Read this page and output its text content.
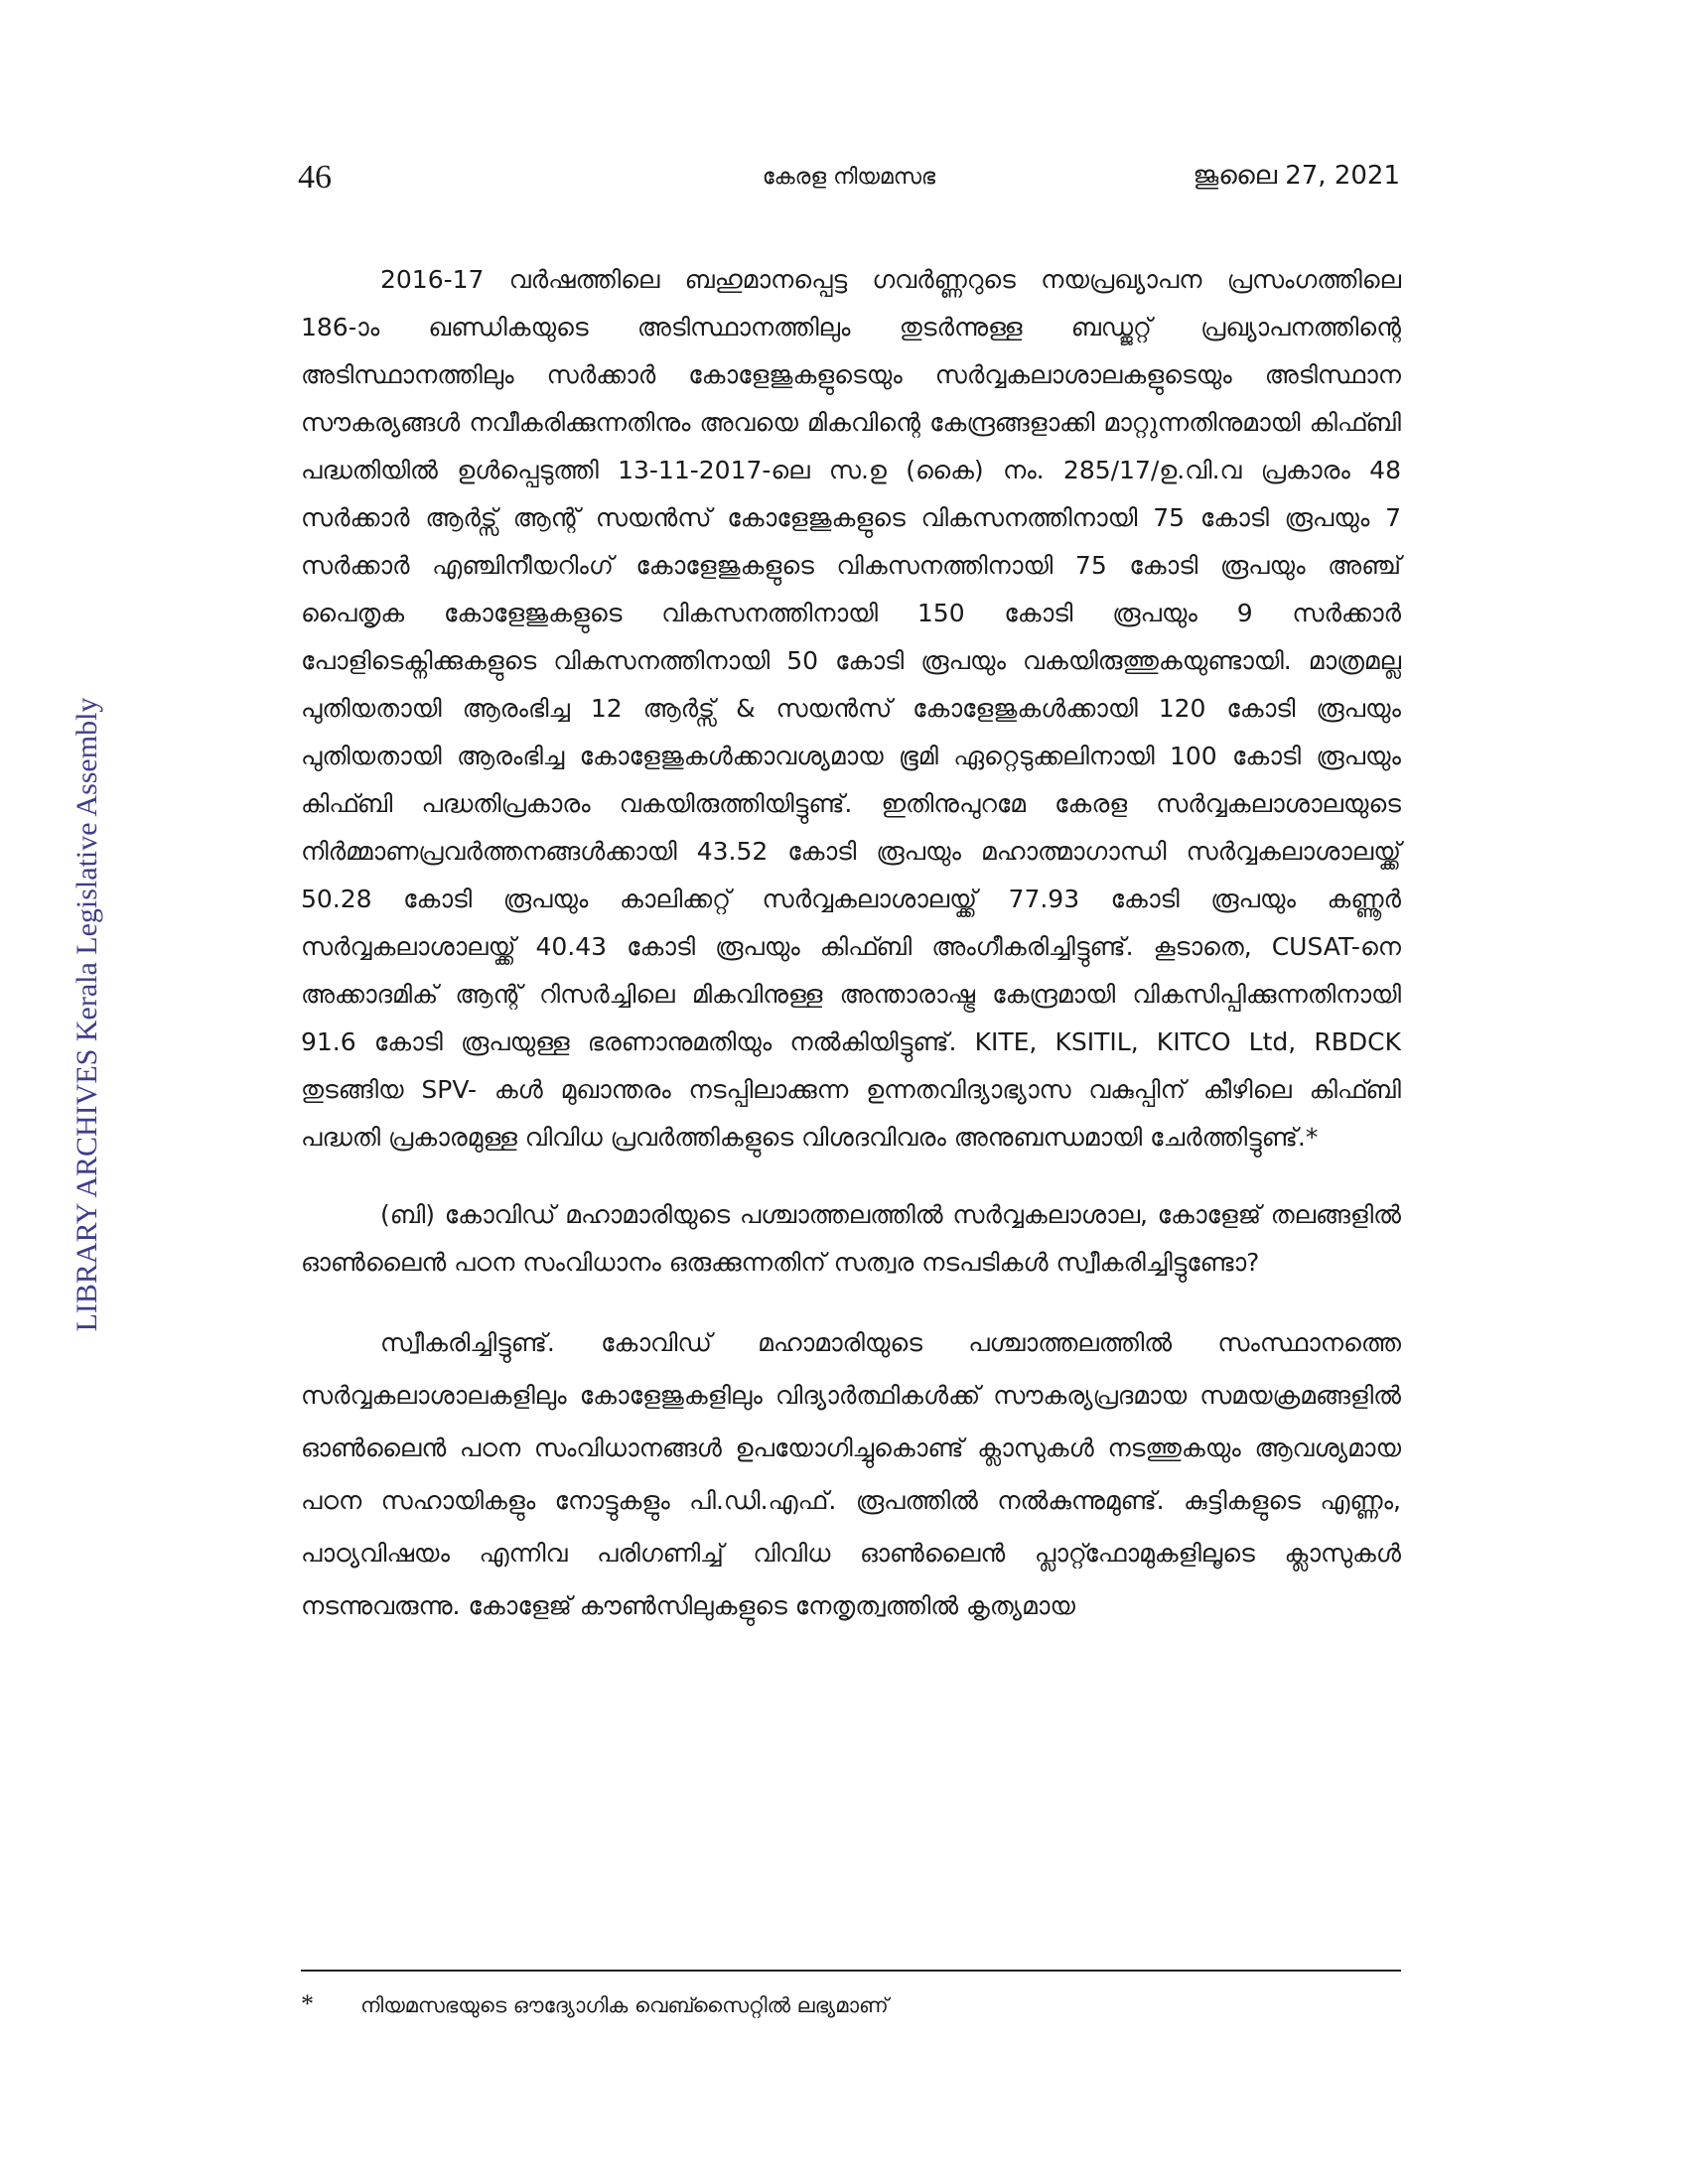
46	കേരള നിയമസഭ	ജൂലൈ 27, 2021
LIBRARY ARCHIVES Kerala Legislative Assembly

2016-17 വർഷത്തിലെ ബഹുമാനപ്പെട്ട ഗവർണ്ണറുടെ നയപ്രഖ്യാപന പ്രസംഗത്തിലെ 186-ാം ഖണ്ഡികയുടെ അടിസ്ഥാനത്തിലും തുടർന്നുള്ള ബഡ്ജറ്റ് പ്രഖ്യാപനത്തിന്റെ അടിസ്ഥാനത്തിലും സർക്കാർ കോളേജുകളുടെയും സർവ്വകലാശാലകളുടെയും അടിസ്ഥാന സൗകര്യങ്ങൾ നവീകരിക്കുന്നതിനും അവയെ മികവിന്റെ കേന്ദ്രങ്ങളാക്കി മാറ്റുന്നതിനുമായി കിഫ്ബി പദ്ധതിയിൽ ഉൾപ്പെടുത്തി 13-11-2017-ലെ സ.ഉ (കൈ) നം. 285/17/ഉ.വി.വ പ്രകാരം 48 സർക്കാർ ആർട്സ് ആന്റ് സയൻസ് കോളേജുകളുടെ വികസനത്തിനായി 75 കോടി രൂപയും 7 സർക്കാർ എഞ്ചിനീയറിംഗ് കോളേജുകളുടെ വികസനത്തിനായി 75 കോടി രൂപയും അഞ്ച് പൈതൃക കോളേജുകളുടെ വികസനത്തിനായി 150 കോടി രൂപയും 9 സർക്കാർ പോളിടെക്നിക്കുകളുടെ വികസനത്തിനായി 50 കോടി രൂപയും വകയിരുത്തുകയുണ്ടായി. മാത്രമല്ല പുതിയതായി ആരംഭിച്ച 12 ആർട്സ് & സയൻസ് കോളേജുകൾക്കായി 120 കോടി രൂപയും പുതിയതായി ആരംഭിച്ച കോളേജുകൾക്കാവശ്യമായ ഭൂമി ഏറ്റെടുക്കലിനായി 100 കോടി രൂപയും കിഫ്ബി പദ്ധതിപ്രകാരം വകയിരുത്തിയിട്ടുണ്ട്. ഇതിനുപുറമേ കേരള സർവ്വകലാശാലയുടെ നിർമ്മാണപ്രവർത്തനങ്ങൾക്കായി 43.52 കോടി രൂപയും മഹാത്മാഗാന്ധി സർവ്വകലാശാലയ്ക്ക് 50.28 കോടി രൂപയും കാലിക്കറ്റ് സർവ്വകലാശാലയ്ക്ക് 77.93 കോടി രൂപയും കണ്ണൂർ സർവ്വകലാശാലയ്ക്ക് 40.43 കോടി രൂപയും കിഫ്ബി അംഗീകരിച്ചിട്ടുണ്ട്. കൂടാതെ, CUSAT-നെ അക്കാദമിക് ആന്റ് റിസർച്ചിലെ മികവിനുള്ള അന്താരാഷ്ട്ര കേന്ദ്രമായി വികസിപ്പിക്കുന്നതിനായി 91.6 കോടി രൂപയുള്ള ഭരണാനുമതിയും നൽകിയിട്ടുണ്ട്. KITE, KSITIL, KITCO Ltd, RBDCK തുടങ്ങിയ SPV- കൾ മുഖാന്തരം നടപ്പിലാക്കുന്ന ഉന്നതവിദ്യാഭ്യാസ വകുപ്പിന് കീഴിലെ കിഫ്ബി പദ്ധതി പ്രകാരമുള്ള വിവിധ പ്രവർത്തികളുടെ വിശദവിവരം അനുബന്ധമായി ചേർത്തിട്ടുണ്ട്.*

(ബി) കോവിഡ് മഹാമാരിയുടെ പശ്ചാത്തലത്തിൽ സർവ്വകലാശാല, കോളേജ് തലങ്ങളിൽ ഓൺലൈൻ പഠന സംവിധാനം ഒരുക്കുന്നതിന് സത്വര നടപടികൾ സ്വീകരിച്ചിട്ടുണ്ടോ?

സ്വീകരിച്ചിട്ടുണ്ട്. കോവിഡ് മഹാമാരിയുടെ പശ്ചാത്തലത്തിൽ സംസ്ഥാനത്തെ സർവ്വകലാശാലകളിലും കോളേജുകളിലും വിദ്യാർത്ഥികൾക്ക് സൗകര്യപ്രദമായ സമയക്രമങ്ങളിൽ ഓൺലൈൻ പഠന സംവിധാനങ്ങൾ ഉപയോഗിച്ചുകൊണ്ട് ക്ലാസുകൾ നടത്തുകയും ആവശ്യമായ പഠന സഹായികളും നോട്ടുകളും പി.ഡി.എഫ്. രൂപത്തിൽ നൽകുന്നുമുണ്ട്. കുട്ടികളുടെ എണ്ണം, പാഠ്യവിഷയം എന്നിവ പരിഗണിച്ച് വിവിധ ഓൺലൈൻ പ്ലാറ്റ്ഫോമുകളിലൂടെ ക്ലാസുകൾ നടന്നുവരുന്നു. കോളേജ് കൗൺസിലുകളുടെ നേതൃത്വത്തിൽ കൃത്യമായ

* നിയമസഭയുടെ ഔദ്യോഗിക വെബ്സൈറ്റിൽ ലഭ്യമാണ്
